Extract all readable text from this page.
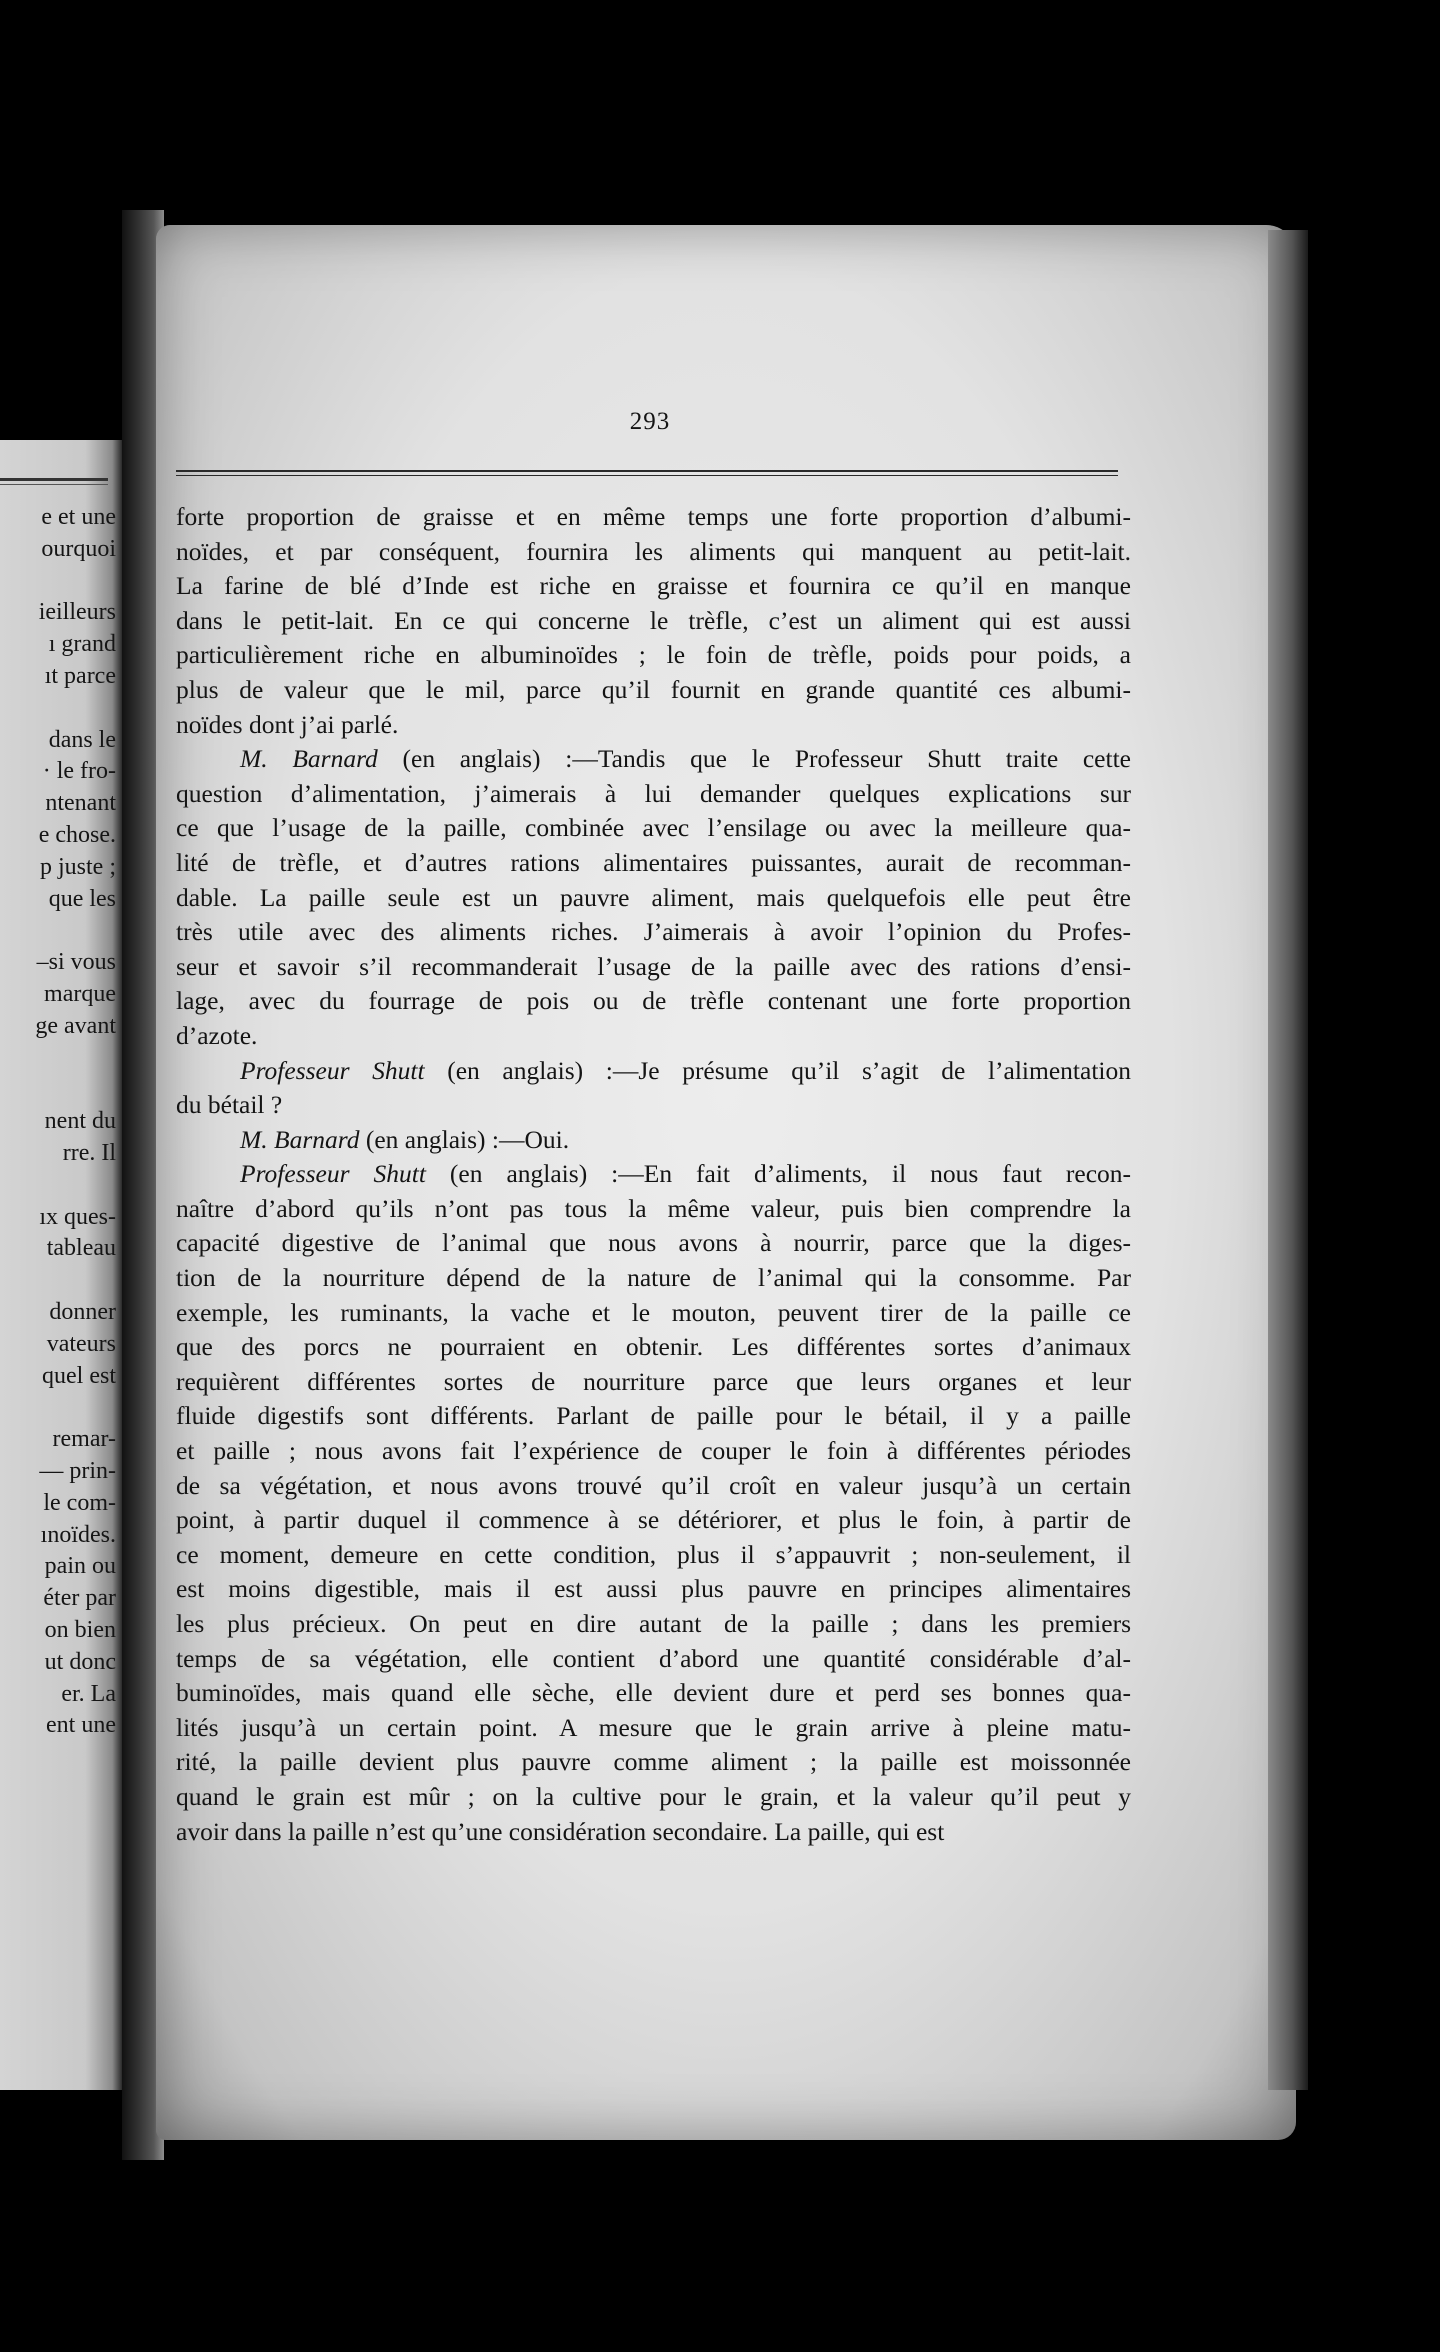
e et une
ourquoi
ieilleurs
ı grand
ıt parce
dans le
· le fro-
ntenant
e chose.
p juste ;
que les
–si vous
marque
ge avant
nent du
rre. Il
ıx ques-
tableau
donner
vateurs
quel est
remar-
— prin-
le com-
ınoïdes.
pain ou
éter par
on bien
ut donc
er. La
ent une
293
forte proportion de graisse et en même temps une forte proportion d’albumi-
noïdes, et par conséquent, fournira les aliments qui manquent au petit-lait.
La farine de blé d’Inde est riche en graisse et fournira ce qu’il en manque
dans le petit-lait. En ce qui concerne le trèfle, c’est un aliment qui est aussi
particulièrement riche en albuminoïdes ; le foin de trèfle, poids pour poids, a
plus de valeur que le mil, parce qu’il fournit en grande quantité ces albumi-
noïdes dont j’ai parlé.
M. Barnard (en anglais) :—Tandis que le Professeur Shutt traite cette
question d’alimentation, j’aimerais à lui demander quelques explications sur
ce que l’usage de la paille, combinée avec l’ensilage ou avec la meilleure qua-
lité de trèfle, et d’autres rations alimentaires puissantes, aurait de recomman-
dable. La paille seule est un pauvre aliment, mais quelquefois elle peut être
très utile avec des aliments riches. J’aimerais à avoir l’opinion du Profes-
seur et savoir s’il recommanderait l’usage de la paille avec des rations d’ensi-
lage, avec du fourrage de pois ou de trèfle contenant une forte proportion
d’azote.
Professeur Shutt (en anglais) :—Je présume qu’il s’agit de l’alimentation
du bétail ?
M. Barnard (en anglais) :—Oui.
Professeur Shutt (en anglais) :—En fait d’aliments, il nous faut recon-
naître d’abord qu’ils n’ont pas tous la même valeur, puis bien comprendre la
capacité digestive de l’animal que nous avons à nourrir, parce que la diges-
tion de la nourriture dépend de la nature de l’animal qui la consomme. Par
exemple, les ruminants, la vache et le mouton, peuvent tirer de la paille ce
que des porcs ne pourraient en obtenir. Les différentes sortes d’animaux
requièrent différentes sortes de nourriture parce que leurs organes et leur
fluide digestifs sont différents. Parlant de paille pour le bétail, il y a paille
et paille ; nous avons fait l’expérience de couper le foin à différentes périodes
de sa végétation, et nous avons trouvé qu’il croît en valeur jusqu’à un certain
point, à partir duquel il commence à se détériorer, et plus le foin, à partir de
ce moment, demeure en cette condition, plus il s’appauvrit ; non-seulement, il
est moins digestible, mais il est aussi plus pauvre en principes alimentaires
les plus précieux. On peut en dire autant de la paille ; dans les premiers
temps de sa végétation, elle contient d’abord une quantité considérable d’al-
buminoïdes, mais quand elle sèche, elle devient dure et perd ses bonnes qua-
lités jusqu’à un certain point. A mesure que le grain arrive à pleine matu-
rité, la paille devient plus pauvre comme aliment ; la paille est moissonnée
quand le grain est mûr ; on la cultive pour le grain, et la valeur qu’il peut y
avoir dans la paille n’est qu’une considération secondaire. La paille, qui est
